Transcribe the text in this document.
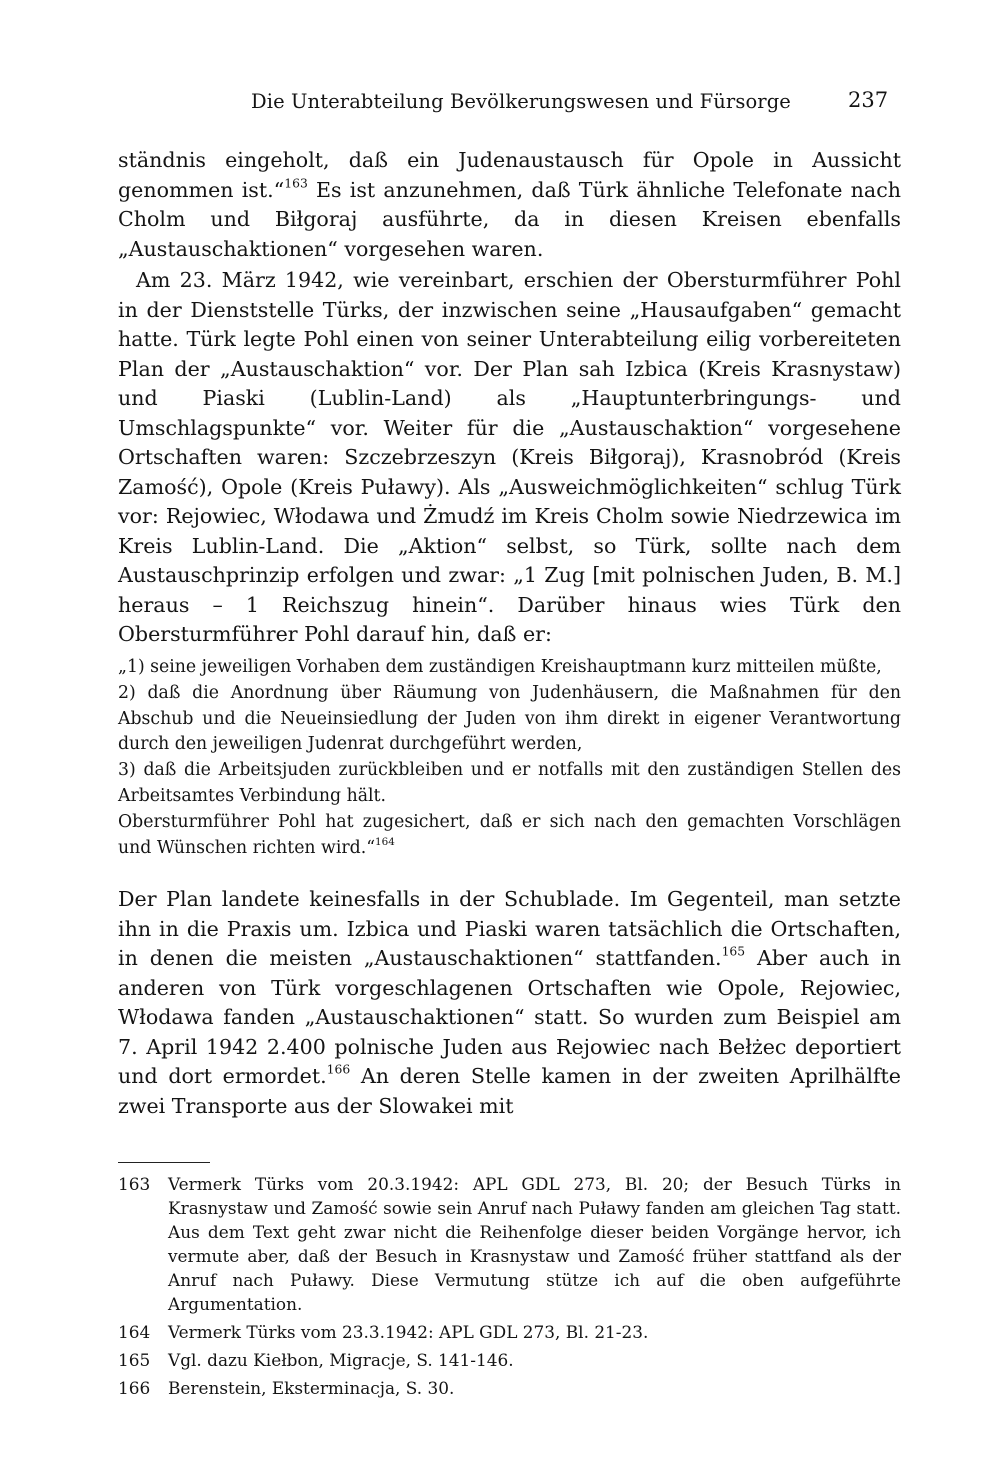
Die Unterabteilung Bevölkerungswesen und Fürsorge	237

ständnis eingeholt, daß ein Judenaustausch für Opole in Aussicht genommen ist.“$^{163}$ Es ist anzunehmen, daß Türk ähnliche Telefonate nach Cholm und Biłgoraj ausführte, da in diesen Kreisen ebenfalls „Austauschaktionen“ vorgesehen waren.

Am 23. März 1942, wie vereinbart, erschien der Obersturmführer Pohl in der Dienststelle Türks, der inzwischen seine „Hausaufgaben“ gemacht hatte. Türk legte Pohl einen von seiner Unterabteilung eilig vorbereiteten Plan der „Austauschaktion“ vor. Der Plan sah Izbica (Kreis Krasnystaw) und Piaski (Lublin-Land) als „Hauptunterbringungs- und Umschlagspunkte“ vor. Weiter für die „Austauschaktion“ vorgesehene Ortschaften waren: Szczebrzeszyn (Kreis Biłgoraj), Krasnobród (Kreis Zamość), Opole (Kreis Puławy). Als „Ausweichmöglichkeiten“ schlug Türk vor: Rejowiec, Włodawa und Żmudź im Kreis Cholm sowie Niedrzewica im Kreis Lublin-Land. Die „Aktion“ selbst, so Türk, sollte nach dem Austauschprinzip erfolgen und zwar: „1 Zug [mit polnischen Juden, B. M.] heraus – 1 Reichszug hinein“. Darüber hinaus wies Türk den Obersturmführer Pohl darauf hin, daß er:

„1) seine jeweiligen Vorhaben dem zuständigen Kreishauptmann kurz mitteilen müßte,

2) daß die Anordnung über Räumung von Judenhäusern, die Maßnahmen für den Abschub und die Neueinsiedlung der Juden von ihm direkt in eigener Verantwortung durch den jeweiligen Judenrat durchgeführt werden,

3) daß die Arbeitsjuden zurückbleiben und er notfalls mit den zuständigen Stellen des Arbeitsamtes Verbindung hält.

Obersturmführer Pohl hat zugesichert, daß er sich nach den gemachten Vorschlägen und Wünschen richten wird.“$^{164}$

Der Plan landete keinesfalls in der Schublade. Im Gegenteil, man setzte ihn in die Praxis um. Izbica und Piaski waren tatsächlich die Ortschaften, in denen die meisten „Austauschaktionen“ stattfanden.$^{165}$ Aber auch in anderen von Türk vorgeschlagenen Ortschaften wie Opole, Rejowiec, Włodawa fanden „Austauschaktionen“ statt. So wurden zum Beispiel am 7. April 1942 2.400 polnische Juden aus Rejowiec nach Bełżec deportiert und dort ermordet.$^{166}$ An deren Stelle kamen in der zweiten Aprilhälfte zwei Transporte aus der Slowakei mit

163	Vermerk Türks vom 20.3.1942: APL GDL 273, Bl. 20; der Besuch Türks in Krasnystaw und Zamość sowie sein Anruf nach Puławy fanden am gleichen Tag statt. Aus dem Text geht zwar nicht die Reihenfolge dieser beiden Vorgänge hervor, ich vermute aber, daß der Besuch in Krasnystaw und Zamość früher stattfand als der Anruf nach Puławy. Diese Vermutung stütze ich auf die oben aufgeführte Argumentation.
164	Vermerk Türks vom 23.3.1942: APL GDL 273, Bl. 21-23.
165	Vgl. dazu Kiełbon, Migracje, S. 141-146.
166	Berenstein, Eksterminacja, S. 30.
